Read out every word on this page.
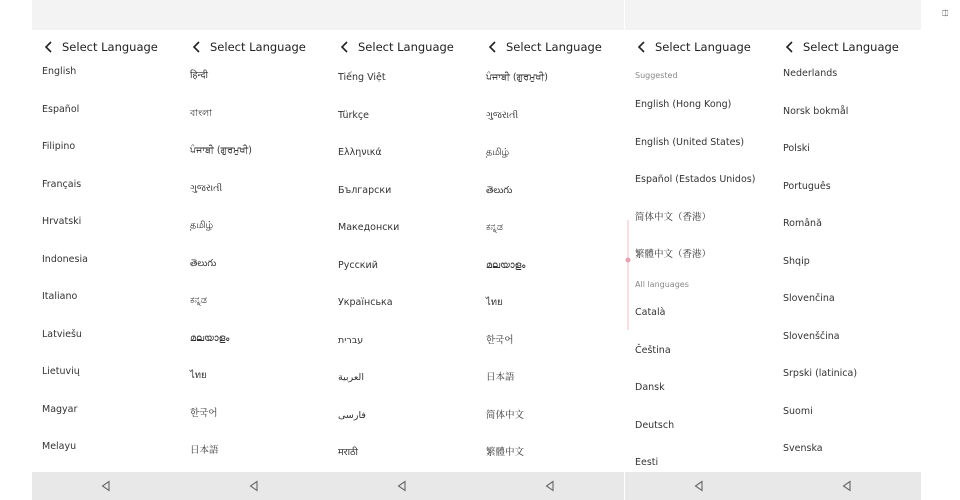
Select Language
English
Español
Filipino
Français
Hrvatski
Indonesia
Italiano
Latviešu
Lietuvių
Magyar
Melayu
Select Language
हिन्दी
বাংলা
ਪੰਜਾਬੀ (ਗੁਰਮੁਖੀ)
ગુજરાતી
தமிழ்
తెలుగు
ಕನ್ನಡ
മലയാളം
ไทย
한국어
日本語
Select Language
Tiếng Việt
Türkçe
Ελληνικά
Български
Македонски
Русский
Українська
עברית
العربية
فارسی
मराठी
Select Language
ਪੰਜਾਬੀ (ਗੁਰਮੁਖੀ)
ગુજરાતી
தமிழ்
తెలుగు
ಕನ್ನಡ
മലയാളം
ไทย
한국어
日本語
简体中文
繁體中文
Select Language
Suggested
English (Hong Kong)
English (United States)
Español (Estados Unidos)
简体中文（香港）
繁體中文（香港）
All languages
Català
Čeština
Dansk
Deutsch
Eesti
Select Language
Nederlands
Norsk bokmål
Polski
Português
Română
Shqip
Slovenčina
Slovenščina
Srpski (latinica)
Suomi
Svenska
⎅
